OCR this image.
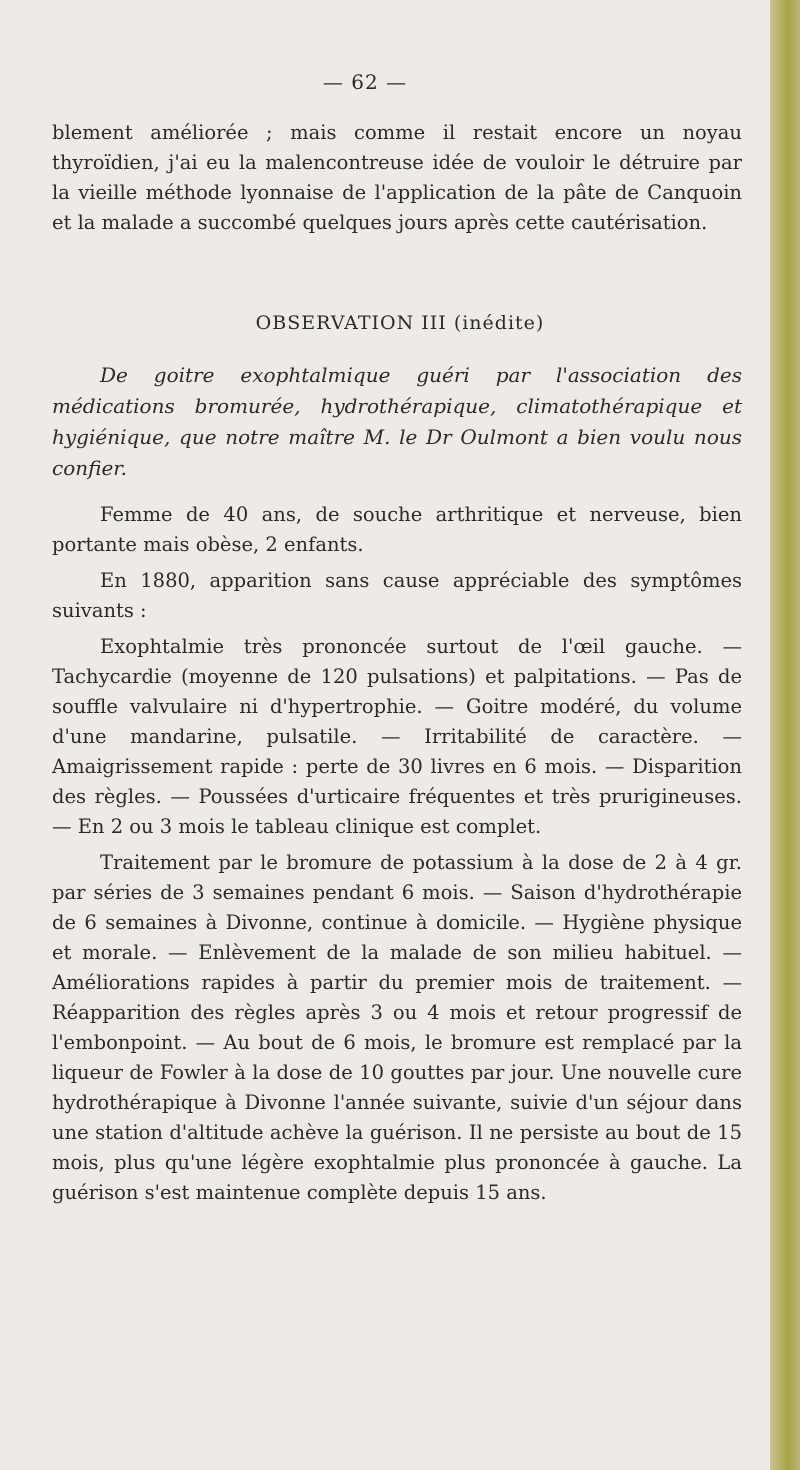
— 62 —

blement améliorée ; mais comme il restait encore un noyau thyroïdien, j'ai eu la malencontreuse idée de vouloir le détruire par la vieille méthode lyonnaise de l'application de la pâte de Canquoin et la malade a succombé quelques jours après cette cautérisation.

OBSERVATION III (inédite)

De goitre exophtalmique guéri par l'association des médications bromurée, hydrothérapique, climatothérapique et hygiénique, que notre maître M. le Dr Oulmont a bien voulu nous confier.

Femme de 40 ans, de souche arthritique et nerveuse, bien portante mais obèse, 2 enfants.

En 1880, apparition sans cause appréciable des symptômes suivants :

Exophtalmie très prononcée surtout de l'œil gauche. — Tachycardie (moyenne de 120 pulsations) et palpitations. — Pas de souffle valvulaire ni d'hypertrophie. — Goitre modéré, du volume d'une mandarine, pulsatile. — Irritabilité de caractère. — Amaigrissement rapide : perte de 30 livres en 6 mois. — Disparition des règles. — Poussées d'urticaire fréquentes et très prurigineuses. — En 2 ou 3 mois le tableau clinique est complet.

Traitement par le bromure de potassium à la dose de 2 à 4 gr. par séries de 3 semaines pendant 6 mois. — Saison d'hydrothérapie de 6 semaines à Divonne, continue à domicile. — Hygiène physique et morale. — Enlèvement de la malade de son milieu habituel. — Améliorations rapides à partir du premier mois de traitement. — Réapparition des règles après 3 ou 4 mois et retour progressif de l'embonpoint. — Au bout de 6 mois, le bromure est remplacé par la liqueur de Fowler à la dose de 10 gouttes par jour. Une nouvelle cure hydrothérapique à Divonne l'année suivante, suivie d'un séjour dans une station d'altitude achève la guérison. Il ne persiste au bout de 15 mois, plus qu'une légère exophtalmie plus prononcée à gauche. La guérison s'est maintenue complète depuis 15 ans.
